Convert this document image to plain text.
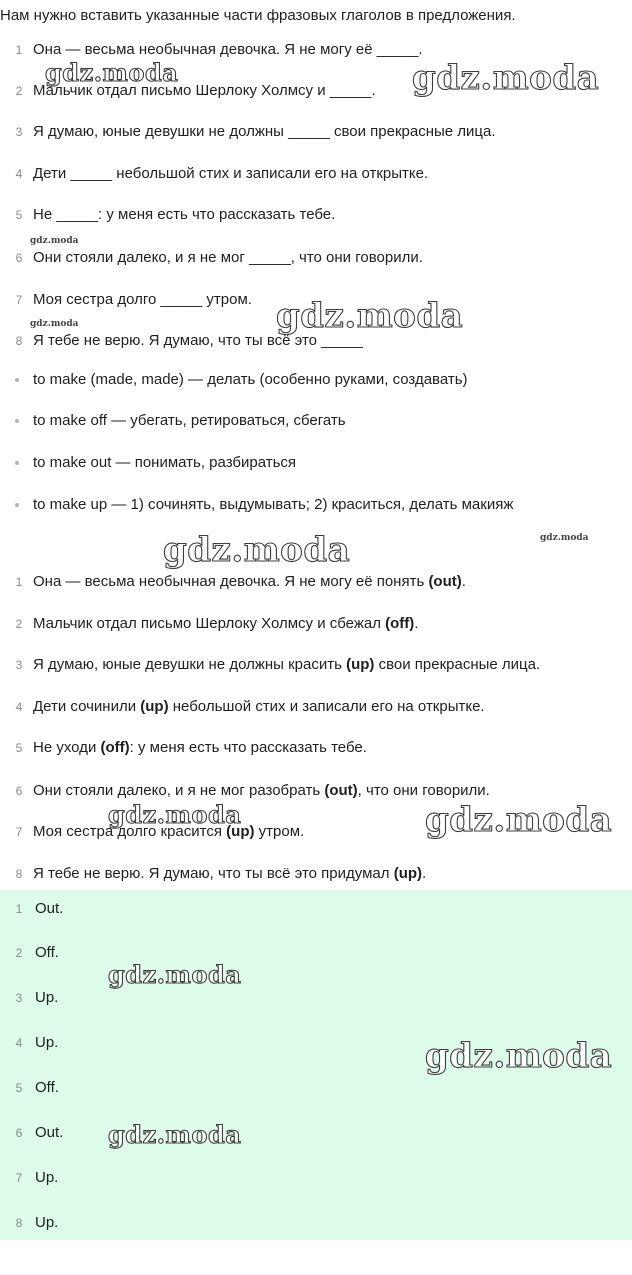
Нам нужно вставить указанные части фразовых глаголов в предложения.
1 Она — весьма необычная девочка. Я не могу её _____.
2 Мальчик отдал письмо Шерлоку Холмсу и _____.
3 Я думаю, юные девушки не должны _____ свои прекрасные лица.
4 Дети _____ небольшой стих и записали его на открытке.
5 Не _____: у меня есть что рассказать тебе.
6 Они стояли далеко, и я не мог _____, что они говорили.
7 Моя сестра долго _____ утром.
8 Я тебе не верю. Я думаю, что ты всё это _____
to make (made, made) — делать (особенно руками, создавать)
to make off — убегать, ретироваться, сбегать
to make out — понимать, разбираться
to make up — 1) сочинять, выдумывать; 2) краситься, делать макияж
1 Она — весьма необычная девочка. Я не могу её понять (out).
2 Мальчик отдал письмо Шерлоку Холмсу и сбежал (off).
3 Я думаю, юные девушки не должны красить (up) свои прекрасные лица.
4 Дети сочинили (up) небольшой стих и записали его на открытке.
5 Не уходи (off): у меня есть что рассказать тебе.
6 Они стояли далеко, и я не мог разобрать (out), что они говорили.
7 Моя сестра долго красится (up) утром.
8 Я тебе не верю. Я думаю, что ты всё это придумал (up).
1 Out.
2 Off.
3 Up.
4 Up.
5 Off.
6 Out.
7 Up.
8 Up.
gdz.moda	gdz.moda
gdz.moda
gdz.moda
gdz.moda
gdz.moda	gdz.moda
gdz.moda	gdz.moda
gdz.moda
gdz.moda
gdz.moda
